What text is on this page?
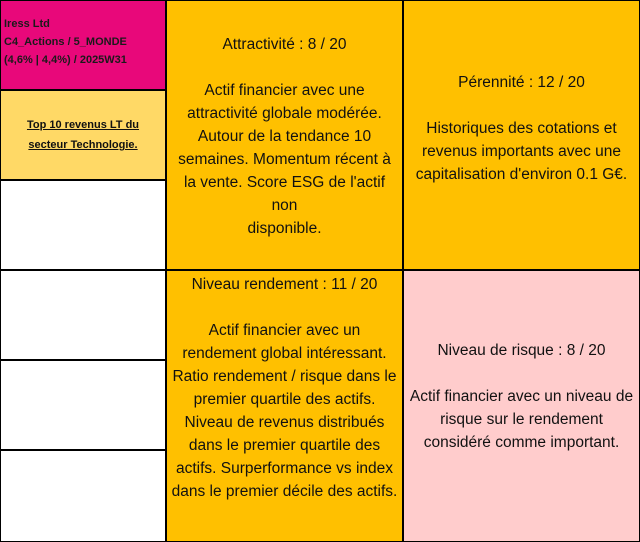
Iress Ltd
C4_Actions / 5_MONDE
(4,6% | 4,4%) / 2025W31
Top 10 revenus LT du
secteur Technologie.
Attractivité : 8 / 20
Actif financier avec une
attractivité globale modérée.
Autour de la tendance 10
semaines. Momentum récent à
la vente. Score ESG de l'actif non
disponible.
Pérennité : 12 / 20
Historiques des cotations et
revenus importants avec une
capitalisation d'environ 0.1 G€.
Niveau rendement : 11 / 20
Actif financier avec un
rendement global intéressant.
Ratio rendement / risque dans le
premier quartile des actifs.
Niveau de revenus distribués
dans le premier quartile des
actifs. Surperformance vs index
dans le premier décile des actifs.
Niveau de risque : 8 / 20
Actif financier avec un niveau de
risque sur le rendement
considéré comme important.
